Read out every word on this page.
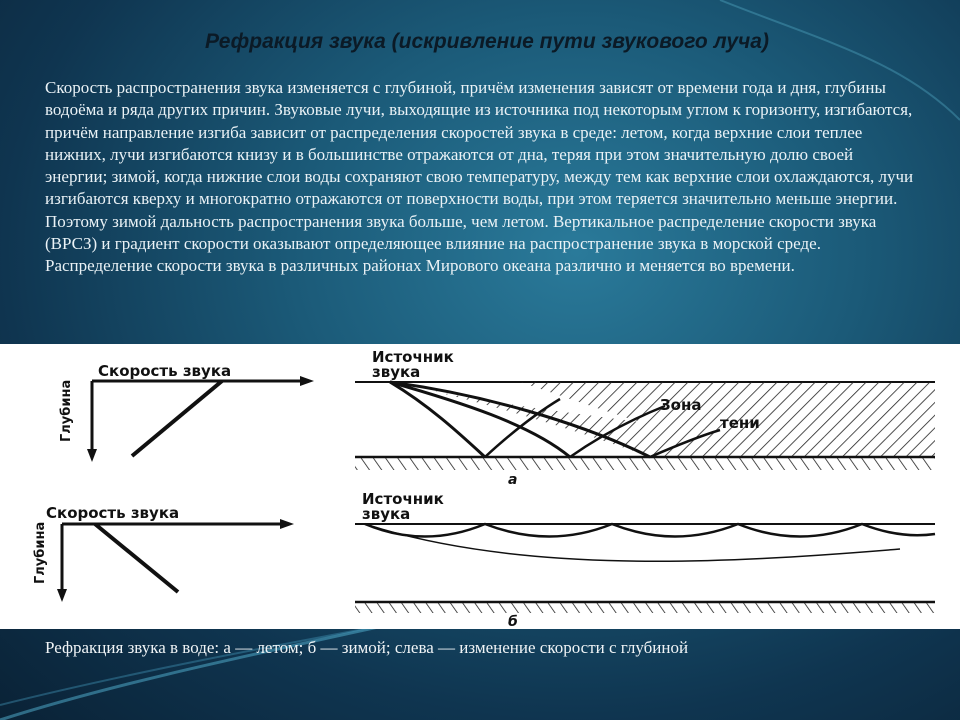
Рефракция звука (искривление пути звукового луча)
Скорость распространения звука изменяется с глубиной, причём изменения зависят от времени года и дня, глубины водоёма и ряда других причин. Звуковые лучи, выходящие из источника под некоторым углом к горизонту, изгибаются, причём направление изгиба зависит от распределения скоростей звука в среде: летом, когда верхние слои теплее нижних, лучи изгибаются книзу и в большинстве отражаются от дна, теряя при этом значительную долю своей энергии; зимой, когда нижние слои воды сохраняют свою температуру, между тем как верхние слои охлаждаются, лучи изгибаются кверху и многократно отражаются от поверхности воды, при этом теряется значительно меньше энергии. Поэтому зимой дальность распространения звука больше, чем летом. Вертикальное распределение скорости звука (ВРСЗ) и градиент скорости оказывают определяющее влияние на распространение звука в морской среде. Распределение скорости звука в различных районах Мирового океана различно и меняется во времени.
Скорость звука
Глубина
Источник
звука
Зона
тени
а
Скорость звука
Глубина
Источник
звука
б
Рефракция звука в воде: а — летом; б — зимой; слева — изменение скорости с глубиной
